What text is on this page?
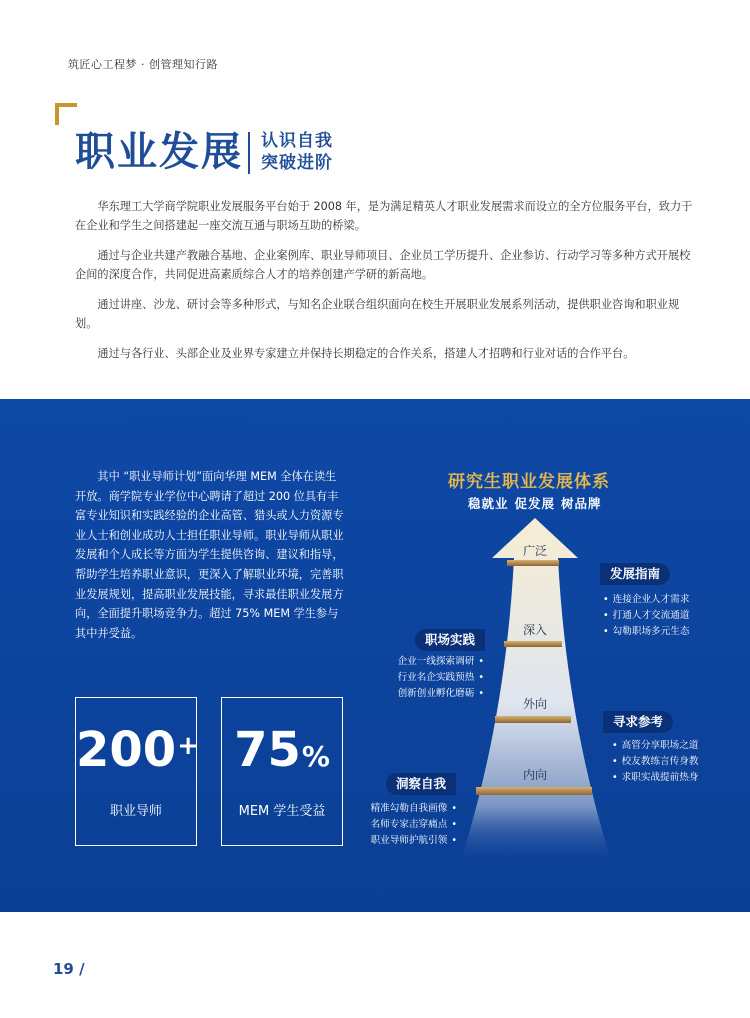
筑匠心工程梦 · 创管理知行路
职业发展 认识自我
突破进阶

华东理工大学商学院职业发展服务平台始于 2008 年，是为满足精英人才职业发展需求而设立的全方位服务平台，致力于在企业和学生之间搭建起一座交流互通与职场互助的桥梁。

通过与企业共建产教融合基地、企业案例库、职业导师项目、企业员工学历提升、企业参访、行动学习等多种方式开展校企间的深度合作，共同促进高素质综合人才的培养创建产学研的新高地。

通过讲座、沙龙、研讨会等多种形式，与知名企业联合组织面向在校生开展职业发展系列活动，提供职业咨询和职业规划。

通过与各行业、头部企业及业界专家建立并保持长期稳定的合作关系，搭建人才招聘和行业对话的合作平台。

其中 “职业导师计划”面向华理 MEM 全体在读生开放。商学院专业学位中心聘请了超过 200 位具有丰富专业知识和实践经验的企业高管、猎头或人力资源专业人士和创业成功人士担任职业导师。职业导师从职业发展和个人成长等方面为学生提供咨询、建议和指导，帮助学生培养职业意识，更深入了解职业环境，完善职业发展规划，提高职业发展技能，寻求最佳职业发展方向，全面提升职场竞争力。超过 75% MEM 学生参与其中并受益。
200+
职业导师
75%
MEM 学生受益
研究生职业发展体系
稳就业 促发展 树品牌
广泛
深入
外向
内向
发展指南
• 连接企业人才需求
• 打通人才交流通道
• 勾勒职场多元生态
职场实践
企业一线探索调研 •
行业名企实践预热 •
创新创业孵化磨砺 •
寻求参考
• 高管分享职场之道
• 校友教练言传身教
• 求职实战提前热身
洞察自我
精准勾勒自我画像 •
名师专家击穿痛点 •
职业导师护航引领 •
19 /
